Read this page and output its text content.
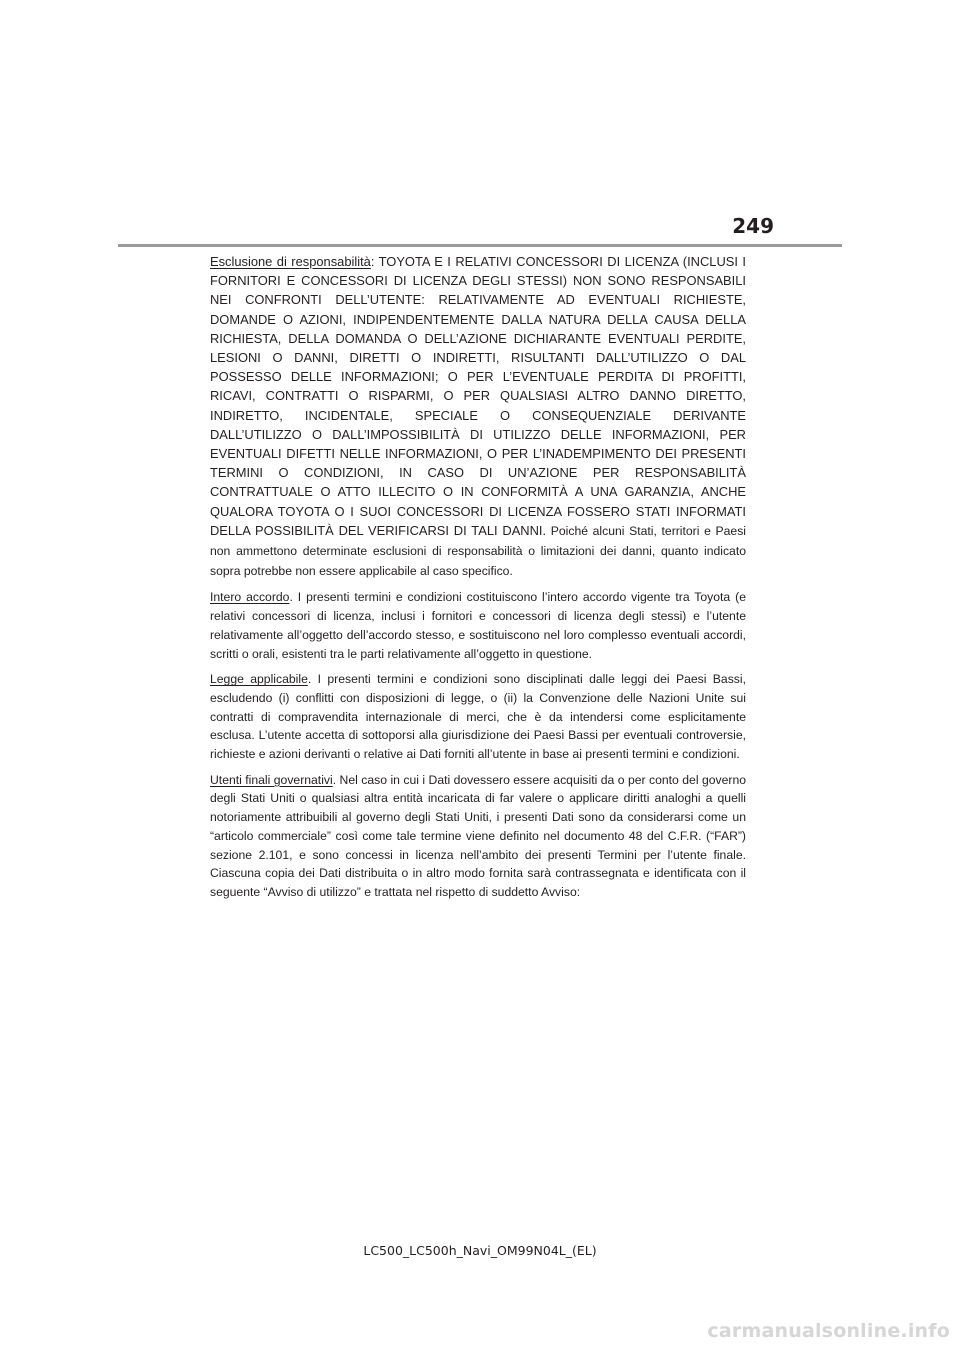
249

Esclusione di responsabilità: TOYOTA E I RELATIVI CONCESSORI DI LICENZA (INCLUSI I FORNITORI E CONCESSORI DI LICENZA DEGLI STESSI) NON SONO RESPONSABILI NEI CONFRONTI DELL’UTENTE: RELATIVAMENTE AD EVENTUALI RICHIESTE, DOMANDE O AZIONI, INDIPENDENTEMENTE DALLA NATURA DELLA CAUSA DELLA RICHIESTA, DELLA DOMANDA O DELL’AZIONE DICHIARANTE EVENTUALI PERDITE, LESIONI O DANNI, DIRETTI O INDIRETTI, RISULTANTI DALL’UTILIZZO O DAL POSSESSO DELLE INFORMAZIONI; O PER L’EVENTUALE PERDITA DI PROFITTI, RICAVI, CONTRATTI O RISPARMI, O PER QUALSIASI ALTRO DANNO DIRETTO, INDIRETTO, INCIDENTALE, SPECIALE O CONSEQUENZIALE DERIVANTE DALL’UTILIZZO O DALL’IMPOSSIBILITÀ DI UTILIZZO DELLE INFORMAZIONI, PER EVENTUALI DIFETTI NELLE INFORMAZIONI, O PER L’INADEMPIMENTO DEI PRESENTI TERMINI O CONDIZIONI, IN CASO DI UN’AZIONE PER RESPONSABILITÀ CONTRATTUALE O ATTO ILLECITO O IN CONFORMITÀ A UNA GARANZIA, ANCHE QUALORA TOYOTA O I SUOI CONCESSORI DI LICENZA FOSSERO STATI INFORMATI DELLA POSSIBILITÀ DEL VERIFICARSI DI TALI DANNI. Poiché alcuni Stati, territori e Paesi non ammettono determinate esclusioni di responsabilità o limitazioni dei danni, quanto indicato sopra potrebbe non essere applicabile al caso specifico.

Intero accordo. I presenti termini e condizioni costituiscono l’intero accordo vigente tra Toyota (e relativi concessori di licenza, inclusi i fornitori e concessori di licenza degli stessi) e l’utente relativamente all’oggetto dell’accordo stesso, e sostituiscono nel loro complesso eventuali accordi, scritti o orali, esistenti tra le parti relativamente all’oggetto in questione.

Legge applicabile. I presenti termini e condizioni sono disciplinati dalle leggi dei Paesi Bassi, escludendo (i) conflitti con disposizioni di legge, o (ii) la Convenzione delle Nazioni Unite sui contratti di compravendita internazionale di merci, che è da intendersi come esplicitamente esclusa. L’utente accetta di sottoporsi alla giurisdizione dei Paesi Bassi per eventuali controversie, richieste e azioni derivanti o relative ai Dati forniti all’utente in base ai presenti termini e condizioni.

Utenti finali governativi. Nel caso in cui i Dati dovessero essere acquisiti da o per conto del governo degli Stati Uniti o qualsiasi altra entità incaricata di far valere o applicare diritti analoghi a quelli notoriamente attribuibili al governo degli Stati Uniti, i presenti Dati sono da considerarsi come un “articolo commerciale” così come tale termine viene definito nel documento 48 del C.F.R. (“FAR”) sezione 2.101, e sono concessi in licenza nell’ambito dei presenti Termini per l’utente finale. Ciascuna copia dei Dati distribuita o in altro modo fornita sarà contrassegnata e identificata con il seguente “Avviso di utilizzo” e trattata nel rispetto di suddetto Avviso:

LC500_LC500h_Navi_OM99N04L_(EL)
carmanualsonline.info
